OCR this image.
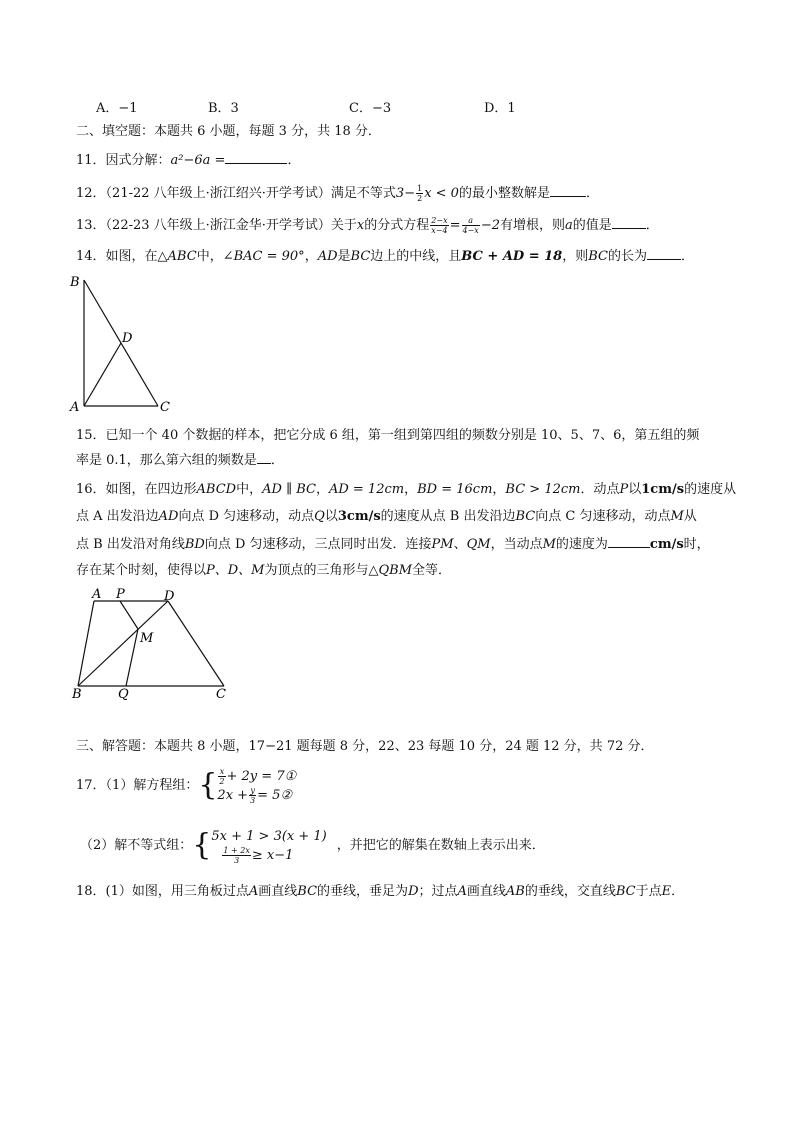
A．−1	B．3	C．−3	D．1
二、填空题：本题共 6 小题，每题 3 分，共 18 分．
11．因式分解：a²−6a =	．
12．（21-22 八年级上·浙江绍兴·开学考试）满足不等式$3- \frac{1}{2}$ x < 0的最小整数解是	．
13．（22-23 八年级上·浙江金华·开学考试）关于x的分式方程 $\frac{2-x}{x-4} = \frac{a}{4-x} -2$有增根，则a的值是	．
14．如图，在△ABC中，∠BAC = 90°，AD是BC边上的中线，且BC + AD = 18，则BC的长为	．
B
D
A	C
15．已知一个 40 个数据的样本，把它分成 6 组，第一组到第四组的频数分别是 10、5、7、6，第五组的频
率是 0.1，那么第六组的频数是 ．
16．如图，在四边形ABCD中，AD ∥ BC，AD = 12cm，BD = 16cm，BC > 12cm．动点P以1cm/s的速度从
点 A 出发沿边AD向点 D 匀速移动，动点Q以3cm/s的速度从点 B 出发沿边BC向点 C 匀速移动，动点M从
点 B 出发沿对角线BD向点 D 匀速移动，三点同时出发．连接PM、QM，当动点M的速度为	cm/s时，
存在某个时刻，使得以P、D、M为顶点的三角形与△QBM全等．
A P	D
M
B	Q	C
三、解答题：本题共 8 小题，17−21 题每题 8 分，22、23 每题 10 分，24 题 12 分，共 72 分．
17．（1）解方程组：{ $\frac{x}{2} + 2y$ = 7①
$2x + \frac{y}{3}$ = 5②
（2）解不等式组：{ 5x + 1 > 3(x + 1)
$\frac{1 + 2x}{3} \ge x-1$
，并把它的解集在数轴上表示出来．
18．(1）如图，用三角板过点A画直线BC的垂线，垂足为D；过点A画直线AB的垂线，交直线BC于点E．
